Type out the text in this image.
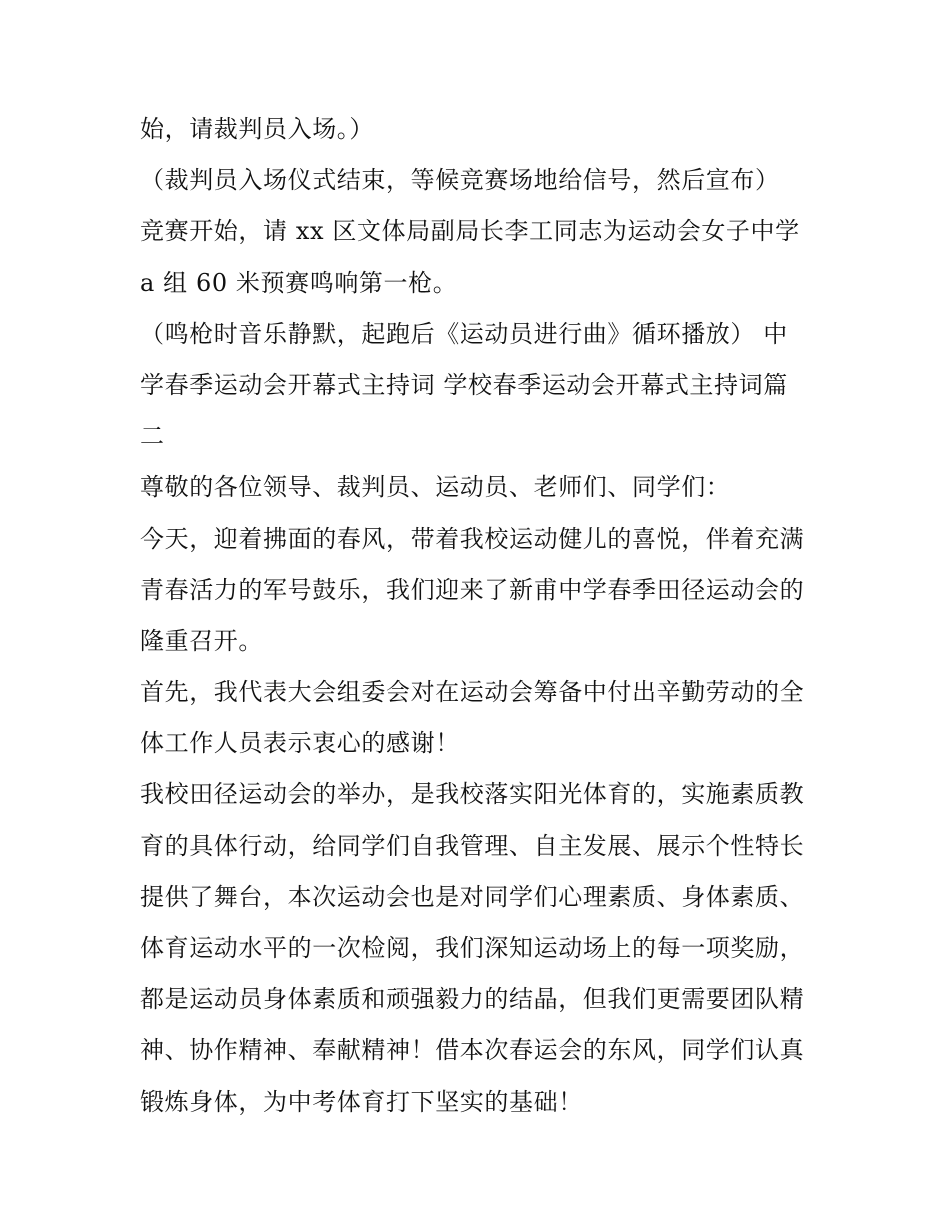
始，请裁判员入场。）
（裁判员入场仪式结束，等候竞赛场地给信号，然后宣布）
竞赛开始，请 xx 区文体局副局长李工同志为运动会女子中学
a 组 60 米预赛鸣响第一枪。
（鸣枪时音乐静默，起跑后《运动员进行曲》循环播放） 中
学春季运动会开幕式主持词 学校春季运动会开幕式主持词篇
二
尊敬的各位领导、裁判员、运动员、老师们、同学们：
今天，迎着拂面的春风，带着我校运动健儿的喜悦，伴着充满
青春活力的军号鼓乐，我们迎来了新甫中学春季田径运动会的
隆重召开。
首先，我代表大会组委会对在运动会筹备中付出辛勤劳动的全
体工作人员表示衷心的感谢！
我校田径运动会的举办，是我校落实阳光体育的，实施素质教
育的具体行动，给同学们自我管理、自主发展、展示个性特长
提供了舞台，本次运动会也是对同学们心理素质、身体素质、
体育运动水平的一次检阅，我们深知运动场上的每一项奖励，
都是运动员身体素质和顽强毅力的结晶，但我们更需要团队精
神、协作精神、奉献精神！借本次春运会的东风，同学们认真
锻炼身体，为中考体育打下坚实的基础！
